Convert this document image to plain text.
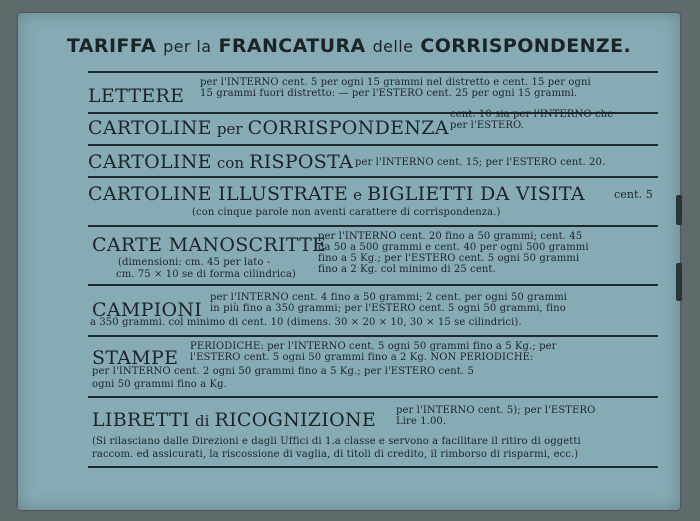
TARIFFA per la FRANCATURA delle CORRISPONDENZE.
LETTERE
per l'INTERNO cent. 5 per ogni 15 grammi nel distretto e cent. 15 per ogni
15 grammi fuori distretto: — per l'ESTERO cent. 25 per ogni 15 grammi.
CARTOLINE per CORRISPONDENZA
cent. 10 sia per l'INTERNO che
per l'ESTERO.
CARTOLINE con RISPOSTA per l'INTERNO cent. 15; per l'ESTERO cent. 20.
CARTOLINE ILLUSTRATE e BIGLIETTI DA VISITA	cent. 5
(con cinque parole non aventi carattere di corrispondenza.)
CARTE MANOSCRITTE
(dimensioni: cm. 45 per lato -
cm. 75 × 10 se di forma cilindrica)
per l'INTERNO cent. 20 fino a 50 grammi; cent. 45
da 50 a 500 grammi e cent. 40 per ogni 500 grammi
fino a 5 Kg.; per l'ESTERO cent. 5 ogni 50 grammi
fino a 2 Kg. col minimo di 25 cent.
CAMPIONI
per l'INTERNO cent. 4 fino a 50 grammi; 2 cent. per ogni 50 grammi
in più fino a 350 grammi; per l'ESTERO cent. 5 ogni 50 grammi, fino
a 350 grammi. col minimo di cent. 10 (dimens. 30 × 20 × 10, 30 × 15 se cilindrici).
STAMPE
PERIODICHE: per l'INTERNO cent. 5 ogni 50 grammi fino a 5 Kg.; per
l'ESTERO cent. 5 ogni 50 grammi fino a 2 Kg. NON PERIODICHE:
per l'INTERNO cent. 2 ogni 50 grammi fino a 5 Kg.; per l'ESTERO cent. 5
ogni 50 grammi fino a Kg.
LIBRETTI di RICOGNIZIONE per l'INTERNO cent. 5); per l'ESTERO
Lire 1.00.
(Si rilasciano dalle Direzioni e dagli Uffici di 1.a classe e servono a facilitare il ritiro di oggetti
raccom. ed assicurati, la riscossione di vaglia, di titoli di credito, il rimborso di risparmi, ecc.)
